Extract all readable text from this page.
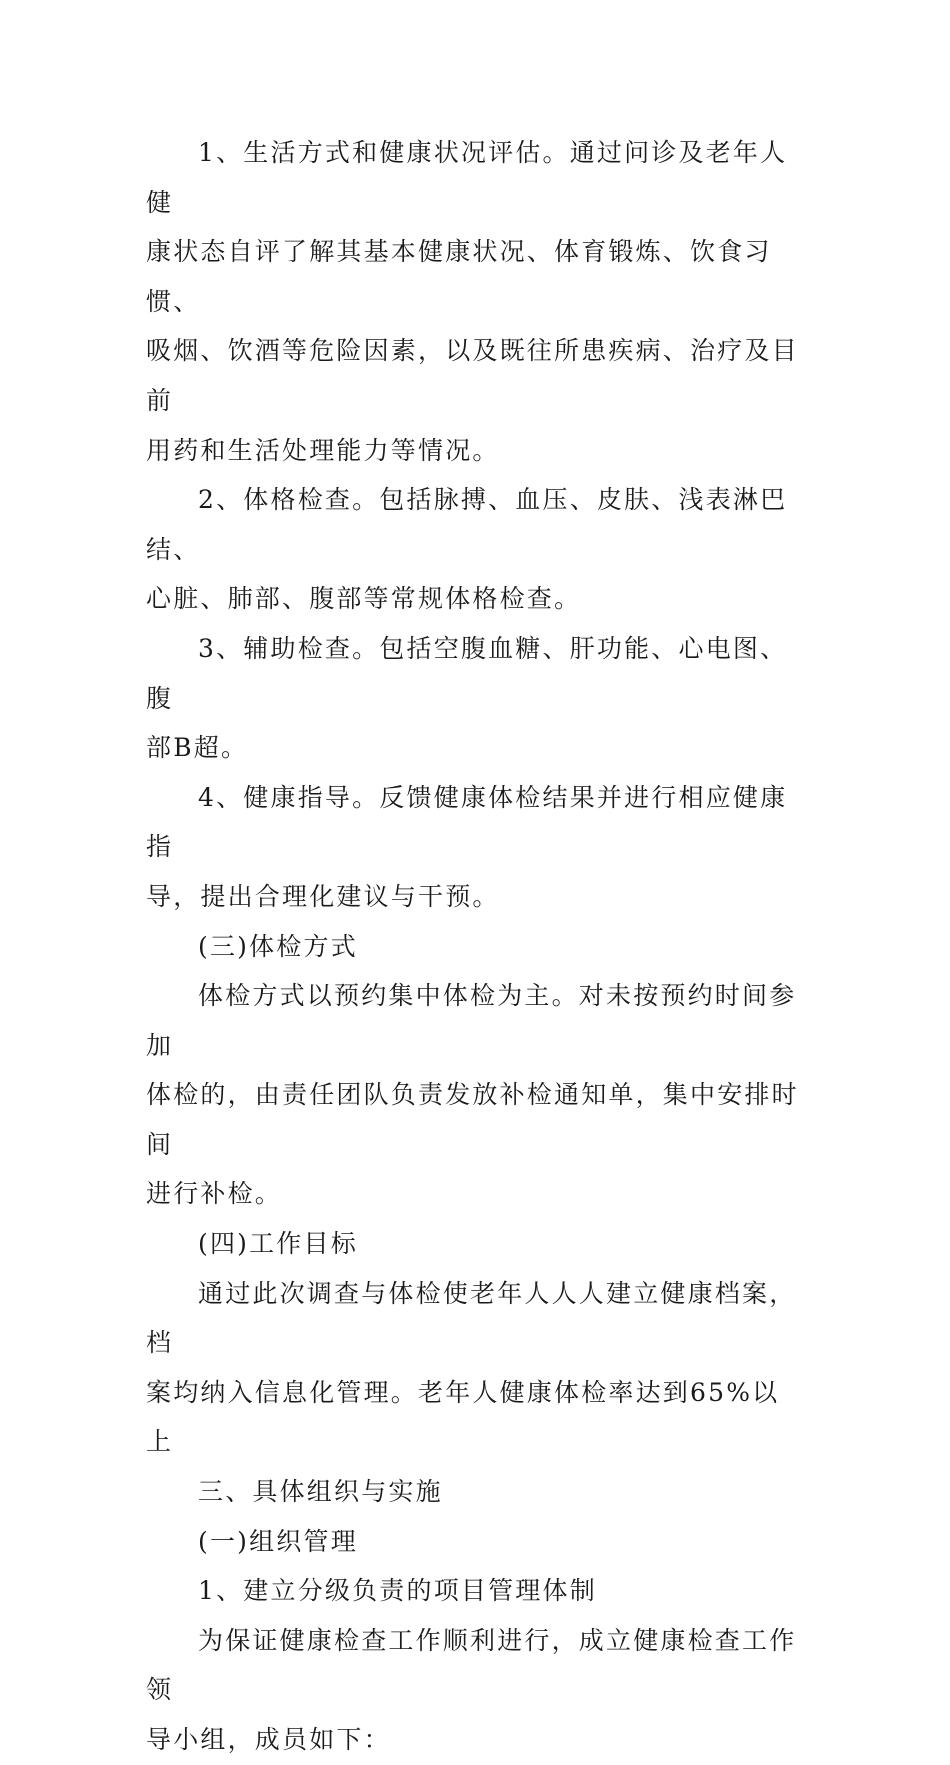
1、生活方式和健康状况评估。通过问诊及老年人健
康状态自评了解其基本健康状况、体育锻炼、饮食习惯、
吸烟、饮酒等危险因素，以及既往所患疾病、治疗及目前
用药和生活处理能力等情况。

2、体格检查。包括脉搏、血压、皮肤、浅表淋巴结、
心脏、肺部、腹部等常规体格检查。

3、辅助检查。包括空腹血糖、肝功能、心电图、腹
部B超。

4、健康指导。反馈健康体检结果并进行相应健康指
导，提出合理化建议与干预。

(三)体检方式

体检方式以预约集中体检为主。对未按预约时间参加
体检的，由责任团队负责发放补检通知单，集中安排时间
进行补检。

(四)工作目标

通过此次调查与体检使老年人人人建立健康档案，档
案均纳入信息化管理。老年人健康体检率达到65%以上

三、具体组织与实施

(一)组织管理

1、建立分级负责的项目管理体制

为保证健康检查工作顺利进行，成立健康检查工作领
导小组，成员如下：
